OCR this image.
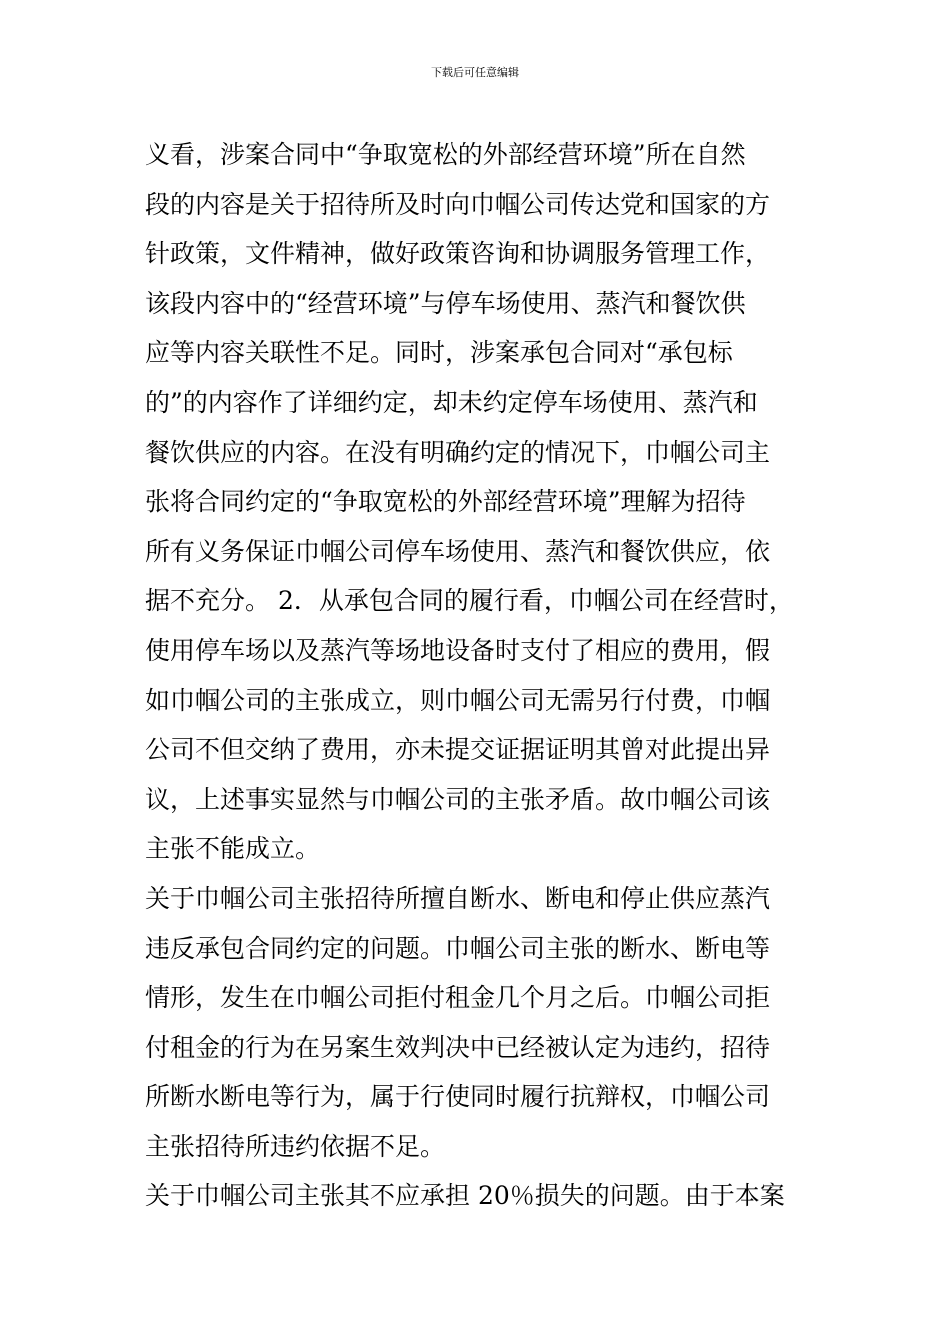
下载后可任意编辑
义看，涉案合同中“争取宽松的外部经营环境”所在自然
段的内容是关于招待所及时向巾帼公司传达党和国家的方
针政策，文件精神，做好政策咨询和协调服务管理工作，
该段内容中的“经营环境”与停车场使用、蒸汽和餐饮供
应等内容关联性不足。同时，涉案承包合同对“承包标
的”的内容作了详细约定，却未约定停车场使用、蒸汽和
餐饮供应的内容。在没有明确约定的情况下，巾帼公司主
张将合同约定的“争取宽松的外部经营环境”理解为招待
所有义务保证巾帼公司停车场使用、蒸汽和餐饮供应，依
据不充分。 2．从承包合同的履行看，巾帼公司在经营时，
使用停车场以及蒸汽等场地设备时支付了相应的费用，假
如巾帼公司的主张成立，则巾帼公司无需另行付费，巾帼
公司不但交纳了费用，亦未提交证据证明其曾对此提出异
议，上述事实显然与巾帼公司的主张矛盾。故巾帼公司该
主张不能成立。
关于巾帼公司主张招待所擅自断水、断电和停止供应蒸汽
违反承包合同约定的问题。巾帼公司主张的断水、断电等
情形，发生在巾帼公司拒付租金几个月之后。巾帼公司拒
付租金的行为在另案生效判决中已经被认定为违约，招待
所断水断电等行为，属于行使同时履行抗辩权，巾帼公司
主张招待所违约依据不足。
关于巾帼公司主张其不应承担 20％损失的问题。由于本案
